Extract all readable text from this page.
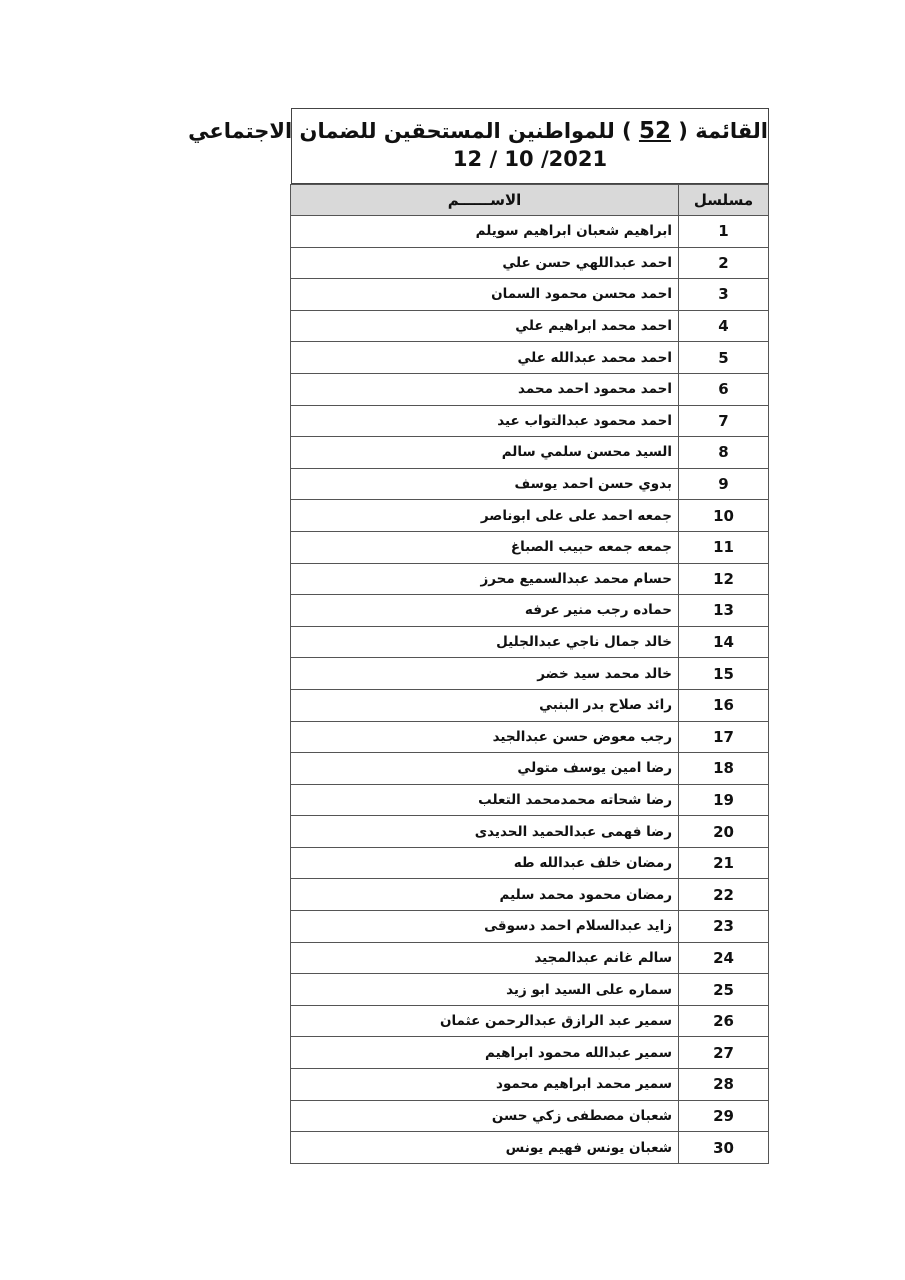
القائمة ( 52 ) للمواطنين المستحقين للضمان الاجتماعي
12 / 10 /2021
مسلسل	الاســــــم
1	ابراهيم شعبان ابراهيم سويلم
2	احمد عبداللهي حسن علي
3	احمد محسن محمود السمان
4	احمد محمد ابراهيم علي
5	احمد محمد عبدالله علي
6	احمد محمود احمد محمد
7	احمد محمود عبدالتواب عيد
8	السيد محسن سلمي سالم
9	بدوي حسن احمد يوسف
10	جمعه احمد على على ابوناصر
11	جمعه جمعه حبيب الصباغ
12	حسام محمد عبدالسميع محرز
13	حماده رجب منير عرفه
14	خالد جمال ناجي عبدالجليل
15	خالد محمد سيد خضر
16	رائد صلاح بدر البنبي
17	رجب معوض حسن عبدالجيد
18	رضا امين يوسف متولي
19	رضا شحاته محمدمحمد التعلب
20	رضا فهمى عبدالحميد الحديدى
21	رمضان خلف عبدالله طه
22	رمضان محمود محمد سليم
23	زايد عبدالسلام احمد دسوقى
24	سالم غانم عبدالمجيد
25	سماره على السيد ابو زيد
26	سمير عبد الرازق عبدالرحمن عثمان
27	سمير عبدالله محمود ابراهيم
28	سمير محمد ابراهيم محمود
29	شعبان مصطفى زكي حسن
30	شعبان يونس فهيم يونس
